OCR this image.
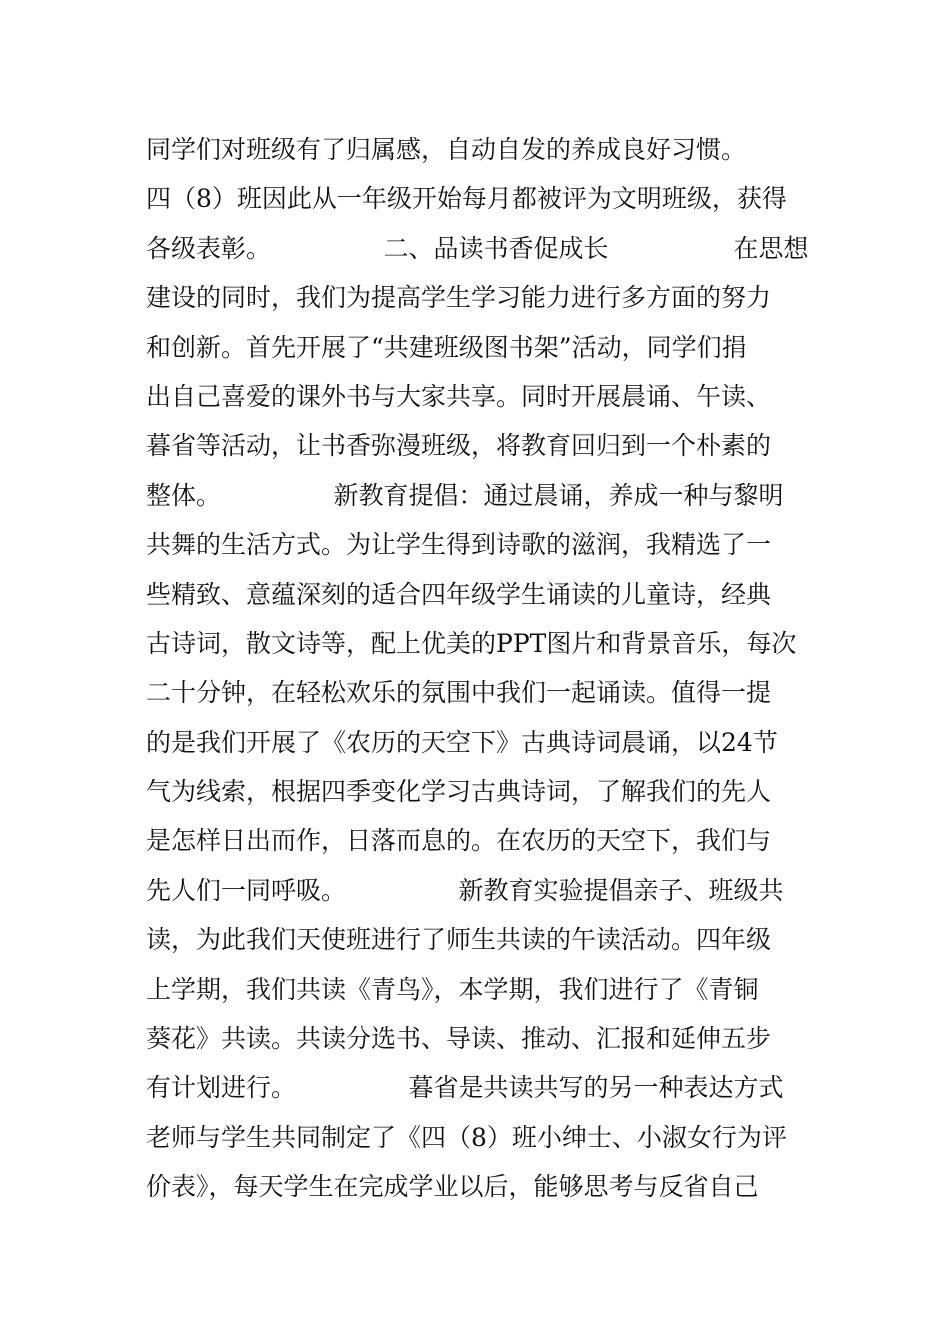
同学们对班级有了归属感，自动自发的养成良好习惯。
四（8）班因此从一年级开始每月都被评为文明班级，获得
各级表彰。　　　　　二、品读书香促成长　　　　　在思想
建设的同时，我们为提高学生学习能力进行多方面的努力
和创新。首先开展了“共建班级图书架”活动，同学们捐
出自己喜爱的课外书与大家共享。同时开展晨诵、午读、
暮省等活动，让书香弥漫班级，将教育回归到一个朴素的
整体。　　　　　新教育提倡：通过晨诵，养成一种与黎明
共舞的生活方式。为让学生得到诗歌的滋润，我精选了一
些精致、意蕴深刻的适合四年级学生诵读的儿童诗，经典
古诗词，散文诗等，配上优美的PPT图片和背景音乐，每次
二十分钟，在轻松欢乐的氛围中我们一起诵读。值得一提
的是我们开展了《农历的天空下》古典诗词晨诵，以24节
气为线索，根据四季变化学习古典诗词，了解我们的先人
是怎样日出而作，日落而息的。在农历的天空下，我们与
先人们一同呼吸。　　　　　新教育实验提倡亲子、班级共
读，为此我们天使班进行了师生共读的午读活动。四年级
上学期，我们共读《青鸟》，本学期，我们进行了《青铜
葵花》共读。共读分选书、导读、推动、汇报和延伸五步
有计划进行。　　　　　暮省是共读共写的另一种表达方式
老师与学生共同制定了《四（8）班小绅士、小淑女行为评
价表》，每天学生在完成学业以后，能够思考与反省自己
